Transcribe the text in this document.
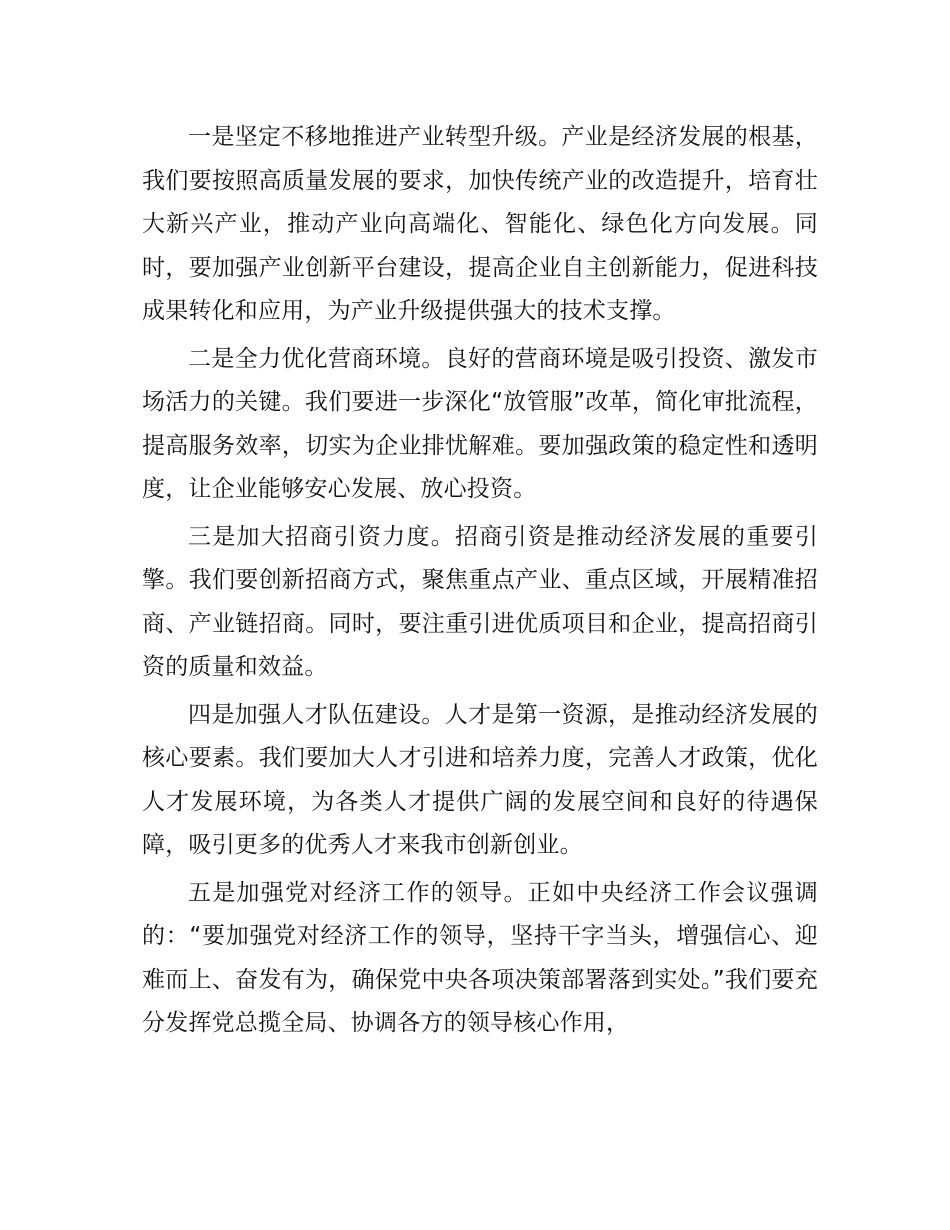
一是坚定不移地推进产业转型升级。产业是经济发展的根基，我们要按照高质量发展的要求，加快传统产业的改造提升，培育壮大新兴产业，推动产业向高端化、智能化、绿色化方向发展。同时，要加强产业创新平台建设，提高企业自主创新能力，促进科技成果转化和应用，为产业升级提供强大的技术支撑。

二是全力优化营商环境。良好的营商环境是吸引投资、激发市场活力的关键。我们要进一步深化“放管服”改革，简化审批流程，提高服务效率，切实为企业排忧解难。要加强政策的稳定性和透明度，让企业能够安心发展、放心投资。

三是加大招商引资力度。招商引资是推动经济发展的重要引擎。我们要创新招商方式，聚焦重点产业、重点区域，开展精准招商、产业链招商。同时，要注重引进优质项目和企业，提高招商引资的质量和效益。

四是加强人才队伍建设。人才是第一资源，是推动经济发展的核心要素。我们要加大人才引进和培养力度，完善人才政策，优化人才发展环境，为各类人才提供广阔的发展空间和良好的待遇保障，吸引更多的优秀人才来我市创新创业。

五是加强党对经济工作的领导。正如中央经济工作会议强调的：“要加强党对经济工作的领导，坚持干字当头，增强信心、迎难而上、奋发有为，确保党中央各项决策部署落到实处。”我们要充分发挥党总揽全局、协调各方的领导核心作用，
